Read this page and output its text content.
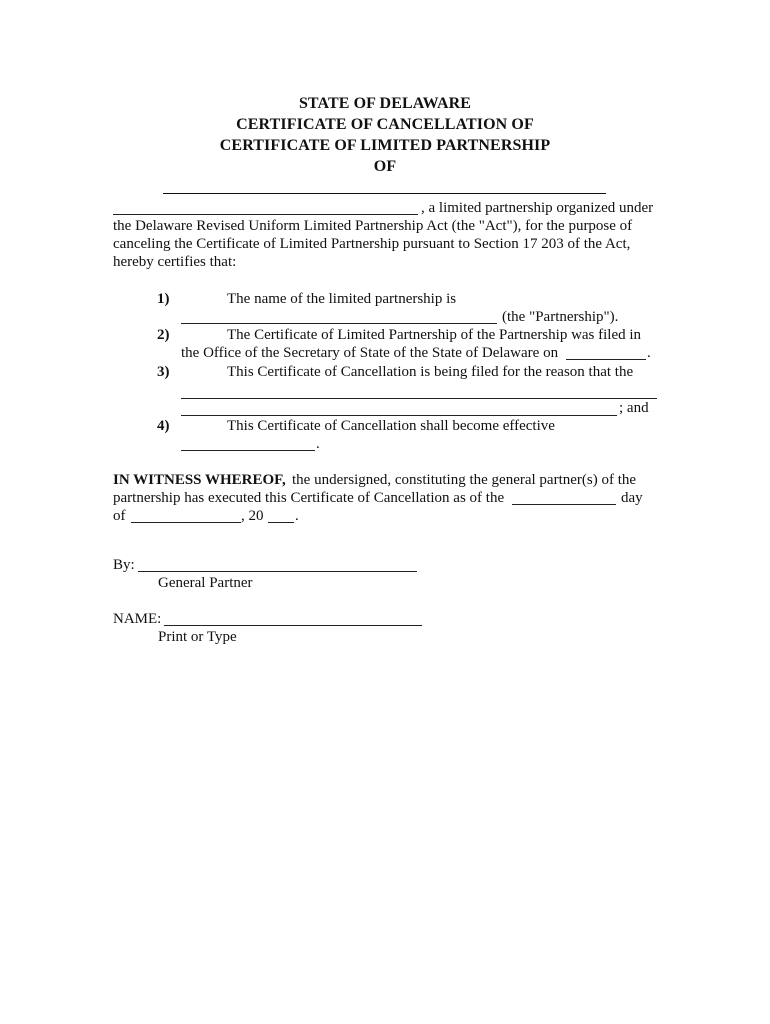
STATE OF DELAWARE
CERTIFICATE OF CANCELLATION OF
CERTIFICATE OF LIMITED PARTNERSHIP
OF
, a limited partnership organized under
the Delaware Revised Uniform Limited Partnership Act (the "Act"), for the purpose of
canceling the Certificate of Limited Partnership pursuant to Section 17 203 of the Act,
hereby certifies that:
1)	The name of the limited partnership is
(the "Partnership").
2)	The Certificate of Limited Partnership of the Partnership was filed in
the Office of the Secretary of State of the State of Delaware on	.
3)	This Certificate of Cancellation is being filed for the reason that the
; and
4)	This Certificate of Cancellation shall become effective
.
IN WITNESS WHEREOF, the undersigned, constituting the general partner(s) of the
partnership has executed this Certificate of Cancellation as of the	day
of	, 20 .
By:
General Partner
NAME:
Print or Type
